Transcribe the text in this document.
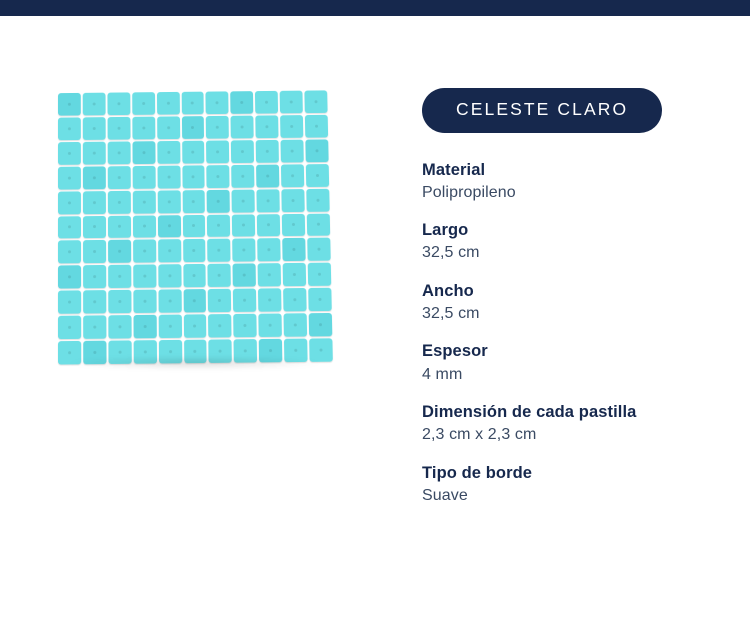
CELESTE CLARO
Material
Polipropileno
Largo
32,5 cm
Ancho
32,5 cm
Espesor
4 mm
Dimensión de cada pastilla
2,3 cm x 2,3 cm
Tipo de borde
Suave
